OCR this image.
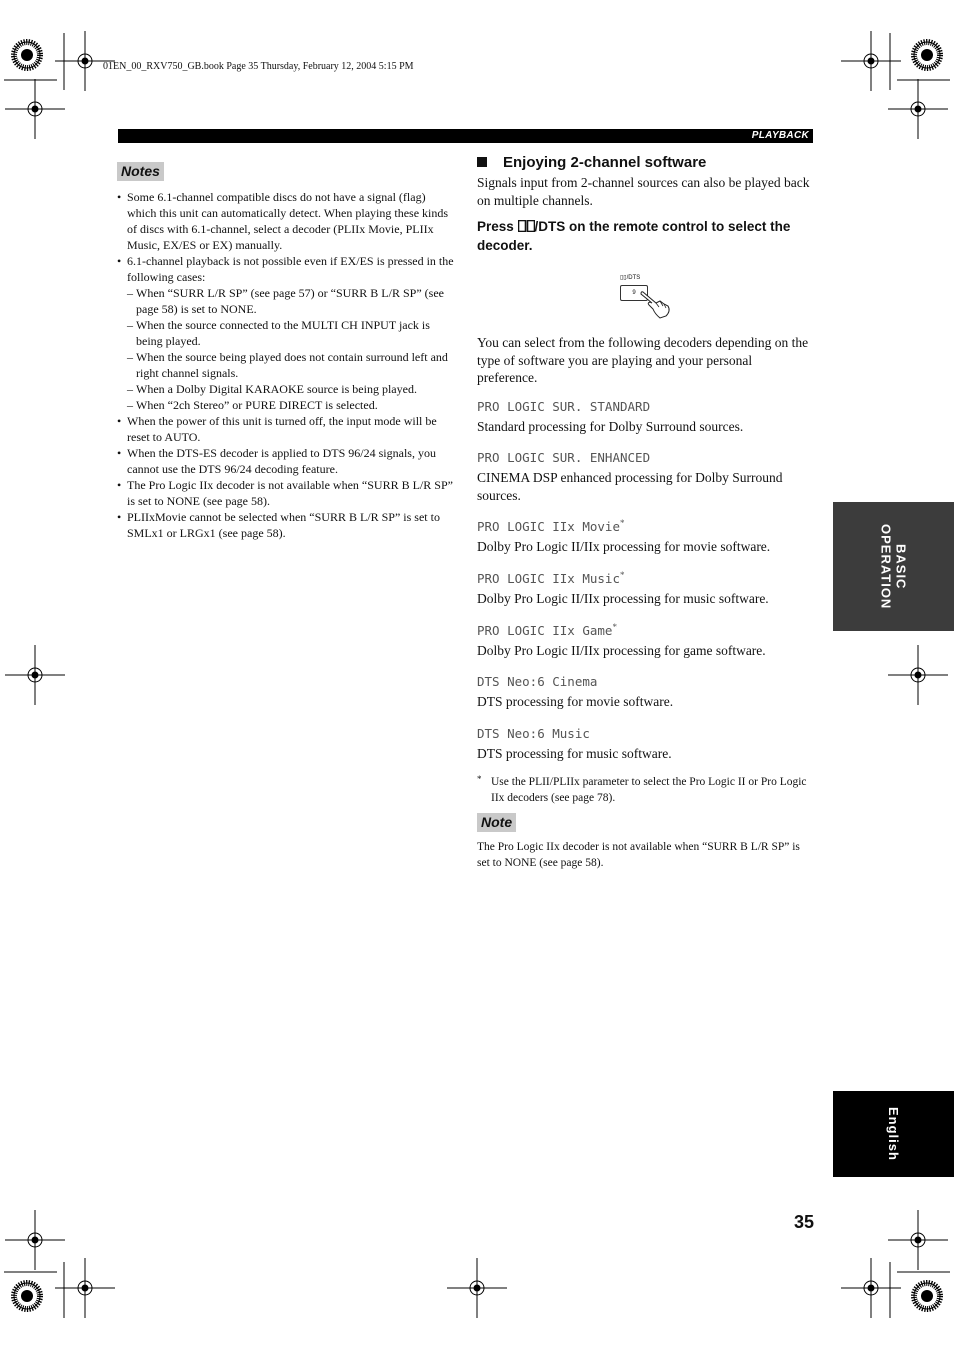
01EN_00_RXV750_GB.book Page 35 Thursday, February 12, 2004 5:15 PM
PLAYBACK
Notes
• Some 6.1-channel compatible discs do not have a signal (flag) which this unit can automatically detect. When playing these kinds of discs with 6.1-channel, select a decoder (PLIIx Movie, PLIIx Music, EX/ES or EX) manually.
• 6.1-channel playback is not possible even if EX/ES is pressed in the following cases:
– When “SURR L/R SP” (see page 57) or “SURR B L/R SP” (see page 58) is set to NONE.
– When the source connected to the MULTI CH INPUT jack is being played.
– When the source being played does not contain surround left and right channel signals.
– When a Dolby Digital KARAOKE source is being played.
– When “2ch Stereo” or PURE DIRECT is selected.
• When the power of this unit is turned off, the input mode will be reset to AUTO.
• When the DTS-ES decoder is applied to DTS 96/24 signals, you cannot use the DTS 96/24 decoding feature.
• The Pro Logic IIx decoder is not available when “SURR B L/R SP” is set to NONE (see page 58).
• PLIIxMovie cannot be selected when “SURR B L/R SP” is set to SMLx1 or LRGx1 (see page 58).
Enjoying 2-channel software
Signals input from 2-channel sources can also be played back on multiple channels.
Press /DTS on the remote control to select the decoder.
▯▯/DTS
9
You can select from the following decoders depending on the type of software you are playing and your personal preference.
PRO LOGIC SUR. STANDARD
Standard processing for Dolby Surround sources.
PRO LOGIC SUR. ENHANCED
CINEMA DSP enhanced processing for Dolby Surround sources.
PRO LOGIC IIx Movie*
Dolby Pro Logic II/IIx processing for movie software.
PRO LOGIC IIx Music*
Dolby Pro Logic II/IIx processing for music software.
PRO LOGIC IIx Game*
Dolby Pro Logic II/IIx processing for game software.
DTS Neo:6 Cinema
DTS processing for movie software.
DTS Neo:6 Music
DTS processing for music software.
* Use the PLII/PLIIx parameter to select the Pro Logic II or Pro Logic IIx decoders (see page 78).
Note
The Pro Logic IIx decoder is not available when “SURR B L/R SP” is set to NONE (see page 58).
BASIC OPERATION
English
35
